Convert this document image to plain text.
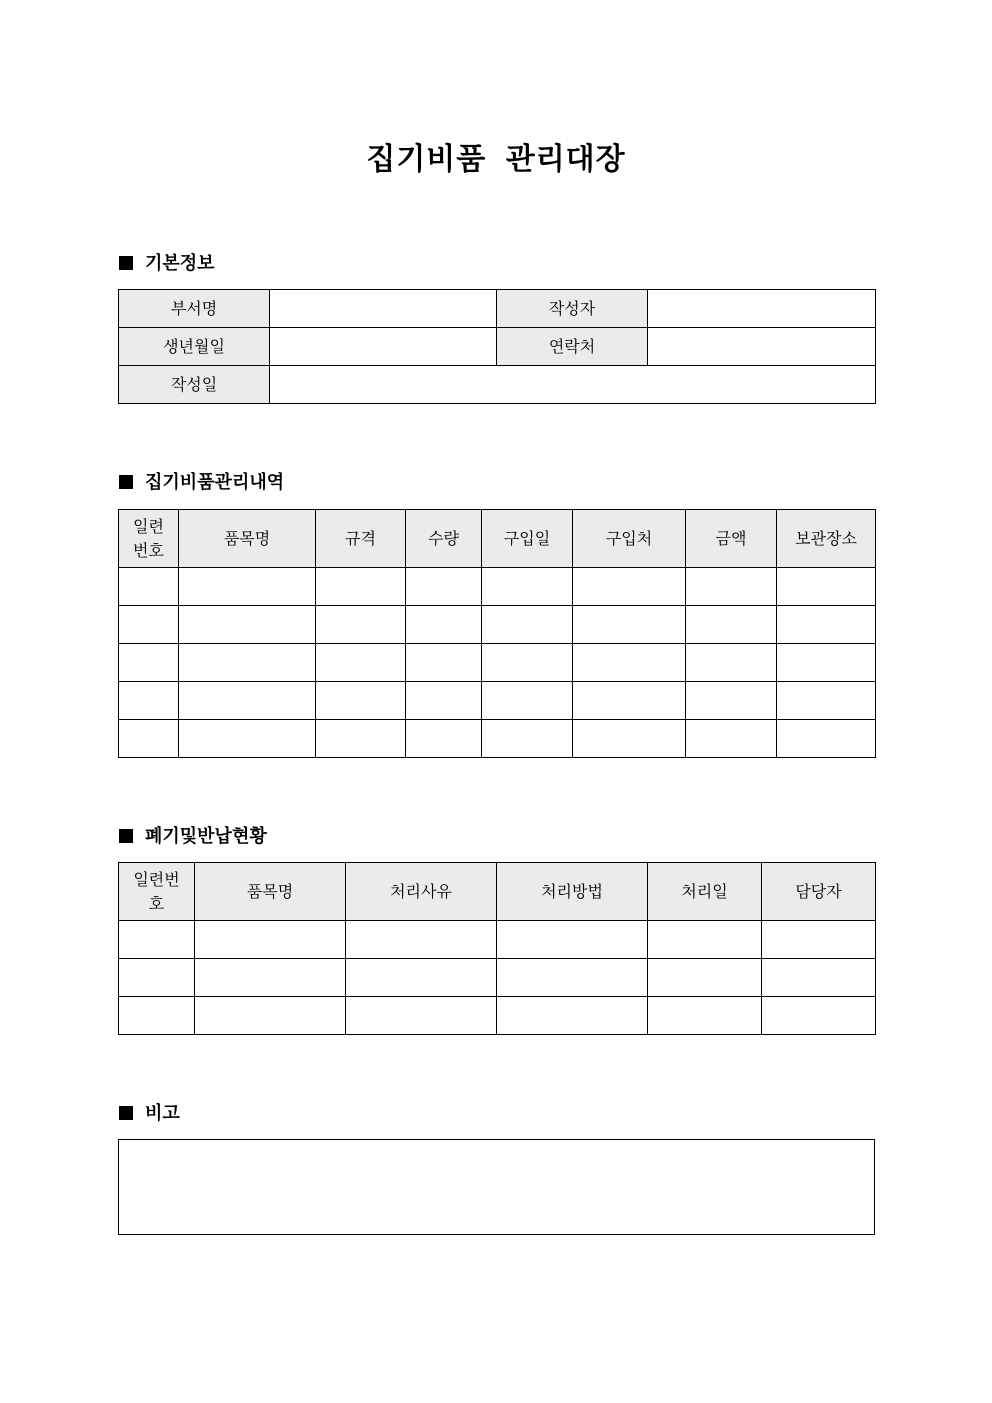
집기비품 관리대장
기본정보
부서명		작성자	
생년월일		연락처	
작성일			
집기비품관리내역
일련
번호	품목명	규격	수량	구입일	구입처	금액	보관장소

폐기및반납현황
일련번
호	품목명	처리사유	처리방법	처리일	담당자

비고
